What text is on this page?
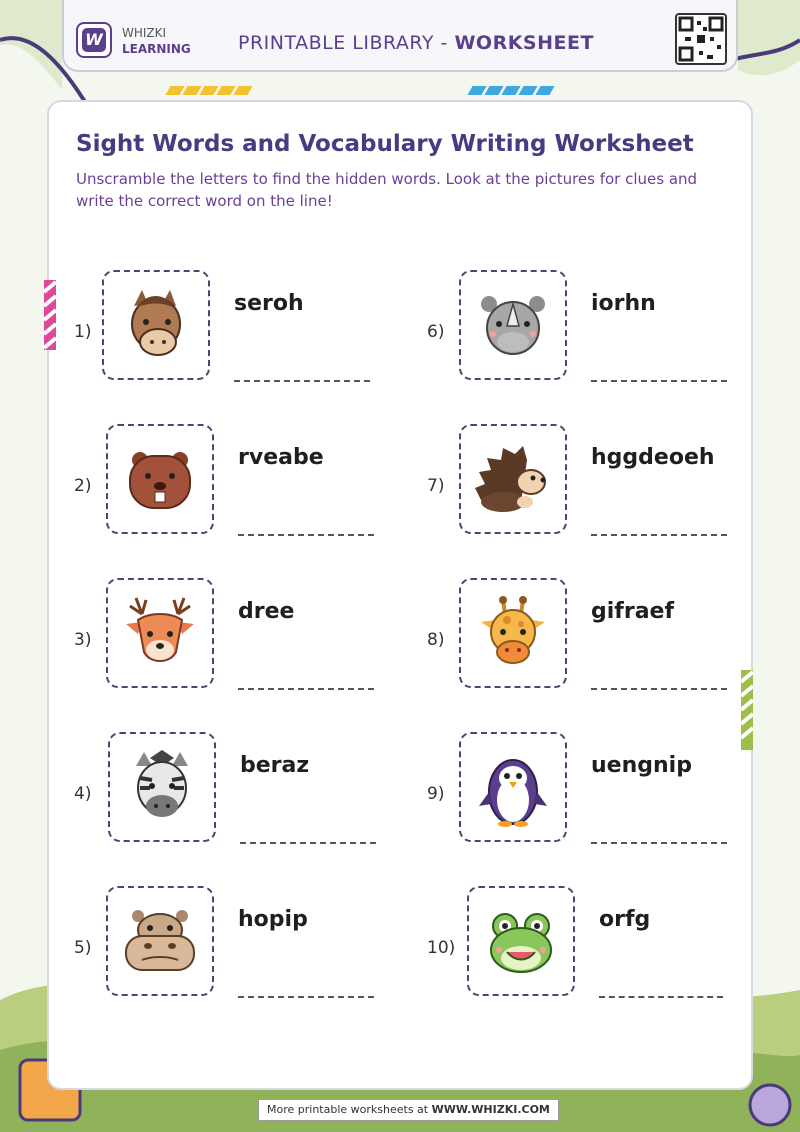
W WHIZKI
LEARNING PRINTABLE LIBRARY - WORKSHEET
Sight Words and Vocabulary Writing Worksheet
Unscramble the letters to find the hidden words. Look at the pictures for clues and write the correct word on the line!
1)
seroh
2)
rveabe
3)
dree
4)
beraz
5)
hopip
6)
iorhn
7)
hggdeoeh
8)
gifraef
9)
uengnip
10)
orfg
More printable worksheets at WWW.WHIZKI.COM
